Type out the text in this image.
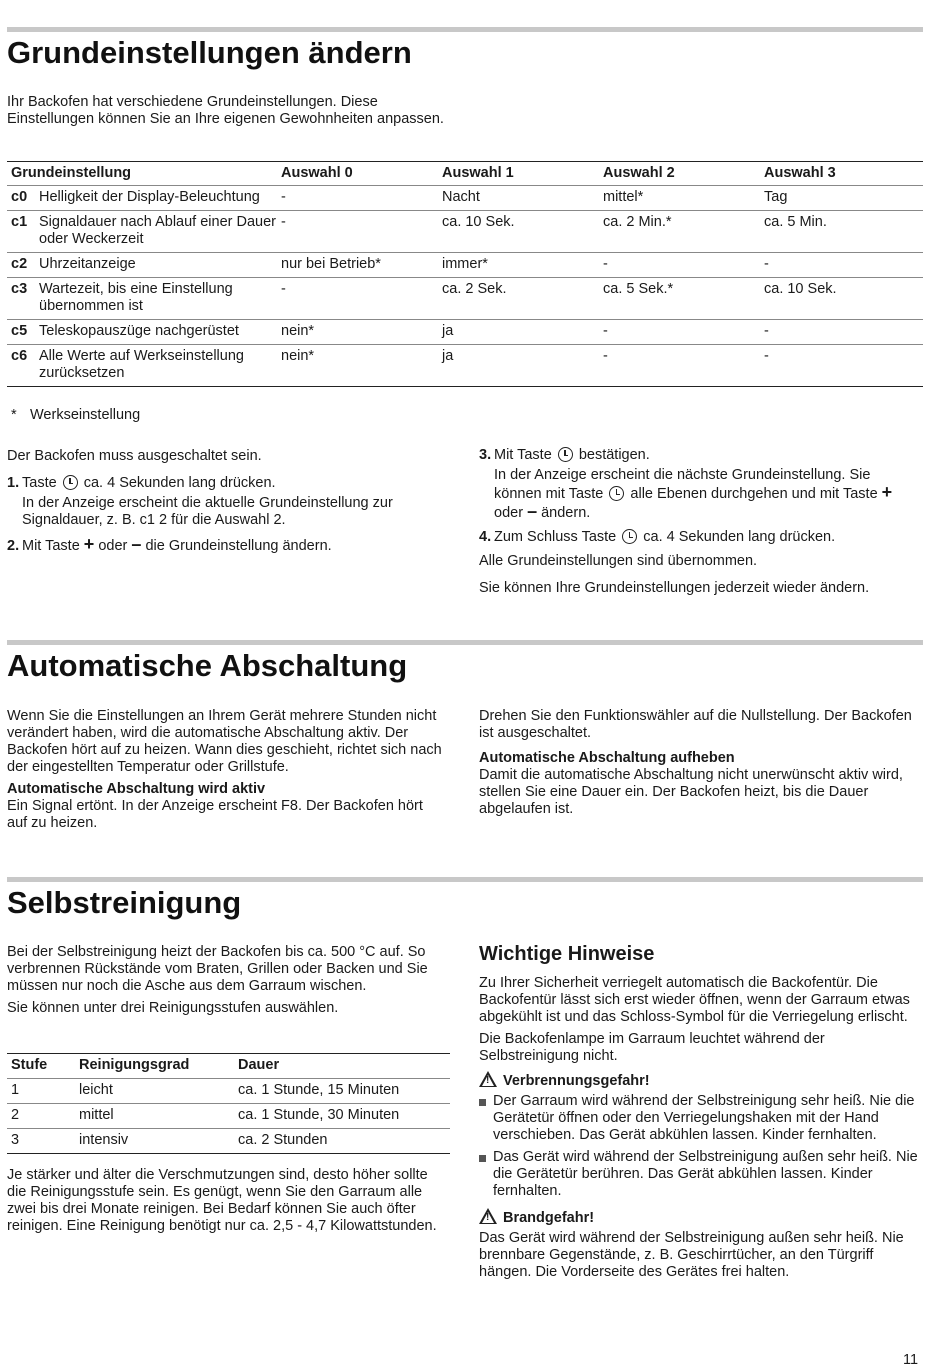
Grundeinstellungen ändern

Ihr Backofen hat verschiedene Grundeinstellungen. Diese Einstellungen können Sie an Ihre eigenen Gewohnheiten anpassen.

Grundeinstellung		Auswahl 0	Auswahl 1	Auswahl 2	Auswahl 3
c0	Helligkeit der Display-Beleuchtung	-	Nacht	mittel*	Tag
c1	Signaldauer nach Ablauf einer Dauer oder Weckerzeit	-	ca. 10 Sek.	ca. 2 Min.*	ca. 5 Min.
c2	Uhrzeitanzeige	nur bei Betrieb*	immer*	-	-
c3	Wartezeit, bis eine Einstellung übernommen ist	-	ca. 2 Sek.	ca. 5 Sek.*	ca. 10 Sek.
c5	Teleskopauszüge nachgerüstet	nein*	ja	-	-
c6	Alle Werte auf Werkseinstellung zurücksetzen	nein*	ja	-	-
* Werkseinstellung

Der Backofen muss ausgeschaltet sein.

1. Taste ca. 4 Sekunden lang drücken.

In der Anzeige erscheint die aktuelle Grundeinstellung zur Signaldauer, z. B. c1 2 für die Auswahl 2.

2. Mit Taste + oder – die Grundeinstellung ändern.

3. Mit Taste bestätigen.

In der Anzeige erscheint die nächste Grundeinstellung. Sie können mit Taste alle Ebenen durchgehen und mit Taste + oder – ändern.

4. Zum Schluss Taste ca. 4 Sekunden lang drücken.

Alle Grundeinstellungen sind übernommen.

Sie können Ihre Grundeinstellungen jederzeit wieder ändern.

Automatische Abschaltung

Wenn Sie die Einstellungen an Ihrem Gerät mehrere Stunden nicht verändert haben, wird die automatische Abschaltung aktiv. Der Backofen hört auf zu heizen. Wann dies geschieht, richtet sich nach der eingestellten Temperatur oder Grillstufe.

Automatische Abschaltung wird aktiv

Ein Signal ertönt. In der Anzeige erscheint F8. Der Backofen hört auf zu heizen.

Drehen Sie den Funktionswähler auf die Nullstellung. Der Backofen ist ausgeschaltet.

Automatische Abschaltung aufheben

Damit die automatische Abschaltung nicht unerwünscht aktiv wird, stellen Sie eine Dauer ein. Der Backofen heizt, bis die Dauer abgelaufen ist.

Selbstreinigung

Bei der Selbstreinigung heizt der Backofen bis ca. 500 °C auf. So verbrennen Rückstände vom Braten, Grillen oder Backen und Sie müssen nur noch die Asche aus dem Garraum wischen.

Sie können unter drei Reinigungsstufen auswählen.

Stufe	Reinigungsgrad	Dauer
1	leicht	ca. 1 Stunde, 15 Minuten
2	mittel	ca. 1 Stunde, 30 Minuten
3	intensiv	ca. 2 Stunden

Je stärker und älter die Verschmutzungen sind, desto höher sollte die Reinigungsstufe sein. Es genügt, wenn Sie den Garraum alle zwei bis drei Monate reinigen. Bei Bedarf können Sie auch öfter reinigen. Eine Reinigung benötigt nur ca. 2,5 - 4,7 Kilowattstunden.

Wichtige Hinweise

Zu Ihrer Sicherheit verriegelt automatisch die Backofentür. Die Backofentür lässt sich erst wieder öffnen, wenn der Garraum etwas abgekühlt ist und das Schloss-Symbol für die Verriegelung erlischt.

Die Backofenlampe im Garraum leuchtet während der Selbstreinigung nicht.

!Verbrennungsgefahr!

Der Garraum wird während der Selbstreinigung sehr heiß. Nie die Gerätetür öffnen oder den Verriegelungshaken mit der Hand verschieben. Das Gerät abkühlen lassen. Kinder fernhalten.

Das Gerät wird während der Selbstreinigung außen sehr heiß. Nie die Gerätetür berühren. Das Gerät abkühlen lassen. Kinder fernhalten.

!Brandgefahr!

Das Gerät wird während der Selbstreinigung außen sehr heiß. Nie brennbare Gegenstände, z. B. Geschirrtücher, an den Türgriff hängen. Die Vorderseite des Gerätes frei halten.

11
